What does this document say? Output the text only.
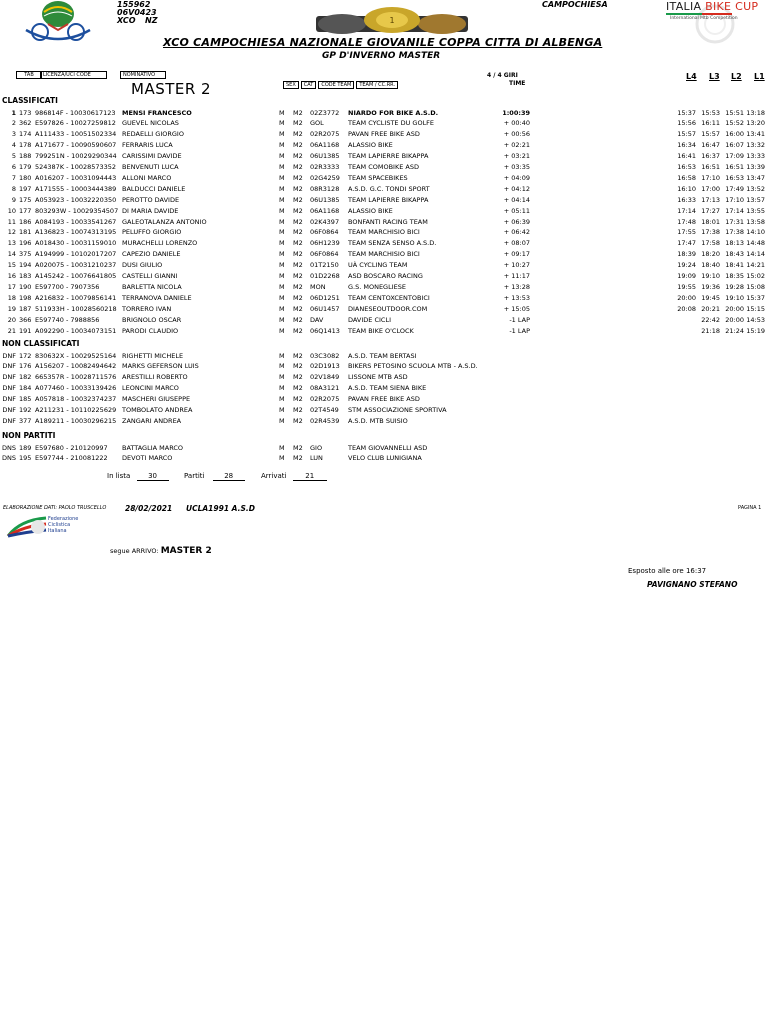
155962
06V0423
XCO NZ	1
CAMPOCHIESA	ITALIA BIKE CUP
International Mtb Competition
XCO CAMPOCHIESA NAZIONALE GIOVANILE COPPA CITTA DI ALBENGA
GP D'INVERNO MASTER
TAB	LICENZA/UCI CODE	NOMINATIVO
SEX CAT CODE TEAM TEAM / CC.RR.
4 / 4 GIRI
TIME
L4 L3 L2 L1
MASTER 2
CLASSIFICATI
1 173 986814F - 10030617123 MENSI FRANCESCO	M M2 02Z3772 NIARDO FOR BIKE A.S.D.	1:00:39	15:37 15:53 15:51 13:18
2 362 E597826 - 10027259812 GUEVEL NICOLAS	M M2 GOL	TEAM CYCLISTE DU GOLFE	+ 00:40	15:56 16:11 15:52 13:20
3 174 A111433 - 10051502334 REDAELLI GIORGIO	M M2 02R2075 PAVAN FREE BIKE ASD	+ 00:56	15:57 15:57 16:00 13:41
4 178 A171677 - 10090590607 FERRARIS LUCA	M M2 06A1168 ALASSIO BIKE	+ 02:21	16:34 16:47 16:07 13:32
5 188 799251N - 10029290344 CARISSIMI DAVIDE	M M2 06U1385 TEAM LAPIERRE BIKAPPA	+ 03:21	16:41 16:37 17:09 13:33
6 179 524387K - 10028573352 BENVENUTI LUCA	M M2 02R3333 TEAM COMOBIKE ASD	+ 03:35	16:53 16:51 16:51 13:39
7 180 A016207 - 10031094443 ALLONI MARCO	M M2 02G4259 TEAM SPACEBIKES	+ 04:09	16:58 17:10 16:53 13:47
8 197 A171555 - 10003444389 BALDUCCI DANIELE	M M2 08R3128 A.S.D. G.C. TONDI SPORT	+ 04:12	16:10 17:00 17:49 13:52
9 175 A053923 - 10032220350 PEROTTO DAVIDE	M M2 06U1385 TEAM LAPIERRE BIKAPPA	+ 04:14	16:33 17:13 17:10 13:57
10 177 803293W - 10029354507 DI MARIA DAVIDE	M M2 06A1168 ALASSIO BIKE	+ 05:11	17:14 17:27 17:14 13:55
11 186 A084193 - 10033541267 GALEOTALANZA ANTONIO	M M2 02K4397 BONFANTI RACING TEAM	+ 06:39	17:48 18:01 17:31 13:58
12 181 A136823 - 10074313195 PELUFFO GIORGIO	M M2 06F0864 TEAM MARCHISIO BICI	+ 06:42	17:55 17:38 17:38 14:10
13 196 A018430 - 10031159010 MURACHELLI LORENZO	M M2 06H1239 TEAM SENZA SENSO A.S.D.	+ 08:07	17:47 17:58 18:13 14:48
14 375 A194999 - 10102017207 CAPEZIO DANIELE	M M2 06F0864 TEAM MARCHISIO BICI	+ 09:17	18:39 18:20 18:43 14:14
15 194 A020075 - 10031210237 DUSI GIULIO	M M2 01T2150 UÀ CYCLING TEAM	+ 10:27	19:24 18:40 18:41 14:21
16 183 A145242 - 10076641805 CASTELLI GIANNI	M M2 01D2268 ASD BOSCARO RACING	+ 11:17	19:09 19:10 18:35 15:02
17 190 E597700 - 7907356	BARLETTA NICOLA	M M2 MON	G.S. MONEGLIESE	+ 13:28	19:55 19:36 19:28 15:08
18 198 A216832 - 10079856141 TERRANOVA DANIELE	M M2 06D1251 TEAM CENTOXCENTOBICI	+ 13:53	20:00 19:45 19:10 15:37
19 187 511933H - 10028560218 TORRERO IVAN	M M2 06U1457 DIANESEOUTDOOR.COM	+ 15:05	20:08 20:21 20:00 15:15
20 366 E597740 - 7988856	BRIGNOLO OSCAR	M M2 DAV	DAVIDE CICLI	-1 LAP	22:42 20:00 14:53
21 191 A092290 - 10034073151 PARODI CLAUDIO	M M2 06Q1413 TEAM BIKE O'CLOCK	-1 LAP	21:18 21:24 15:19
NON CLASSIFICATI
DNF 172 830632X - 10029525164 RIGHETTI MICHELE	M M2 03C3082 A.S.D. TEAM BERTASI
DNF 176 A156207 - 10082494642 MARKS GEFERSON LUIS	M M2 02D1913 BIKERS PETOSINO SCUOLA MTB - A.S.D.
DNF 182 665357R - 10028711576 ARESTILLI ROBERTO	M M2 02V1849 LISSONE MTB ASD
DNF 184 A077460 - 10033139426 LEONCINI MARCO	M M2 08A3121 A.S.D. TEAM SIENA BIKE
DNF 185 A057818 - 10032374237 MASCHERI GIUSEPPE	M M2 02R2075 PAVAN FREE BIKE ASD
DNF 192 A211231 - 10110225629 TOMBOLATO ANDREA	M M2 02T4549 STM ASSOCIAZIONE SPORTIVA
DNF 377 A189211 - 10030296215 ZANGARI ANDREA	M M2 02R4539 A.S.D. MTB SUISIO
NON PARTITI
DNS 189 E597680 - 210120997 BATTAGLIA MARCO	M M2 GIO	TEAM GIOVANNELLI ASD
DNS 195 E597744 - 210081222 DEVOTI MARCO	M M2 LUN	VELO CLUB LUNIGIANA
In lista	30	Partiti	28	Arrivati	21
ELABORAZIONE DATI: PAOLO TRUSCELLO 28/02/2021 UCLA1991 A.S.D	PAGINA 1
Federazione
Ciclistica
Italiana
segue ARRIVO: MASTER 2
Esposto alle ore 16:37
PAVIGNANO STEFANO
